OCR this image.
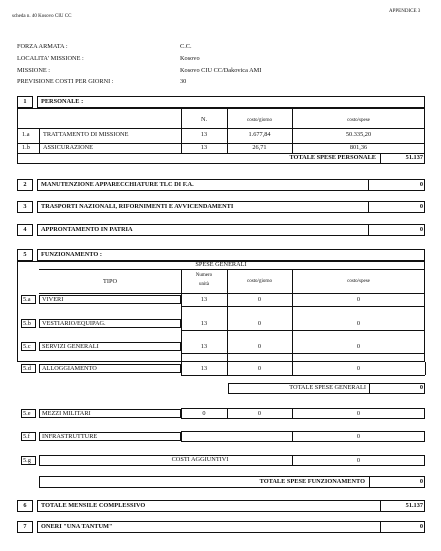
scheda n. 40 Kosovo CIU CC
APPENDICE 3
FORZA ARMATA :	C.C.
LOCALITA' MISSIONE :	Kosovo
MISSIONE :	Kosovo CIU CC/Dakovica AMI
PREVISIONE COSTI PER GIORNI :	30
1	PERSONALE :
N.	costo/giorno	costo/spese
1.a TRATTAMENTO DI MISSIONE	13	1.677,84	50.335,20
1.b ASSICURAZIONE	13	26,71	801,36
TOTALE SPESE PERSONALE	51.137
2	MANUTENZIONE APPARECCHIATURE TLC DI F.A.	0
3	TRASPORTI NAZIONALI, RIFORNIMENTI E AVVICENDAMENTI	0
4	APPRONTAMENTO IN PATRIA	0
5	FUNZIONAMENTO :
SPESE GENERALI
TIPO
Numero
unità
costo/giorno	costo/spese
5.a VIVERI	13	0	0
5.b VESTIARIO/EQUIPAG.	13	0	0
5.c SERVIZI GENERALI	13	0	0
5.d ALLOGGIAMENTO	13	0	0
TOTALE SPESE GENERALI	0
5.e MEZZI MILITARI	0	0	0
5.f INFRASTRUTTURE	0
5.g	COSTI AGGIUNTIVI	0
TOTALE SPESE FUNZIONAMENTO	0
6	TOTALE MENSILE COMPLESSIVO	51.137
7	ONERI "UNA TANTUM"	0
